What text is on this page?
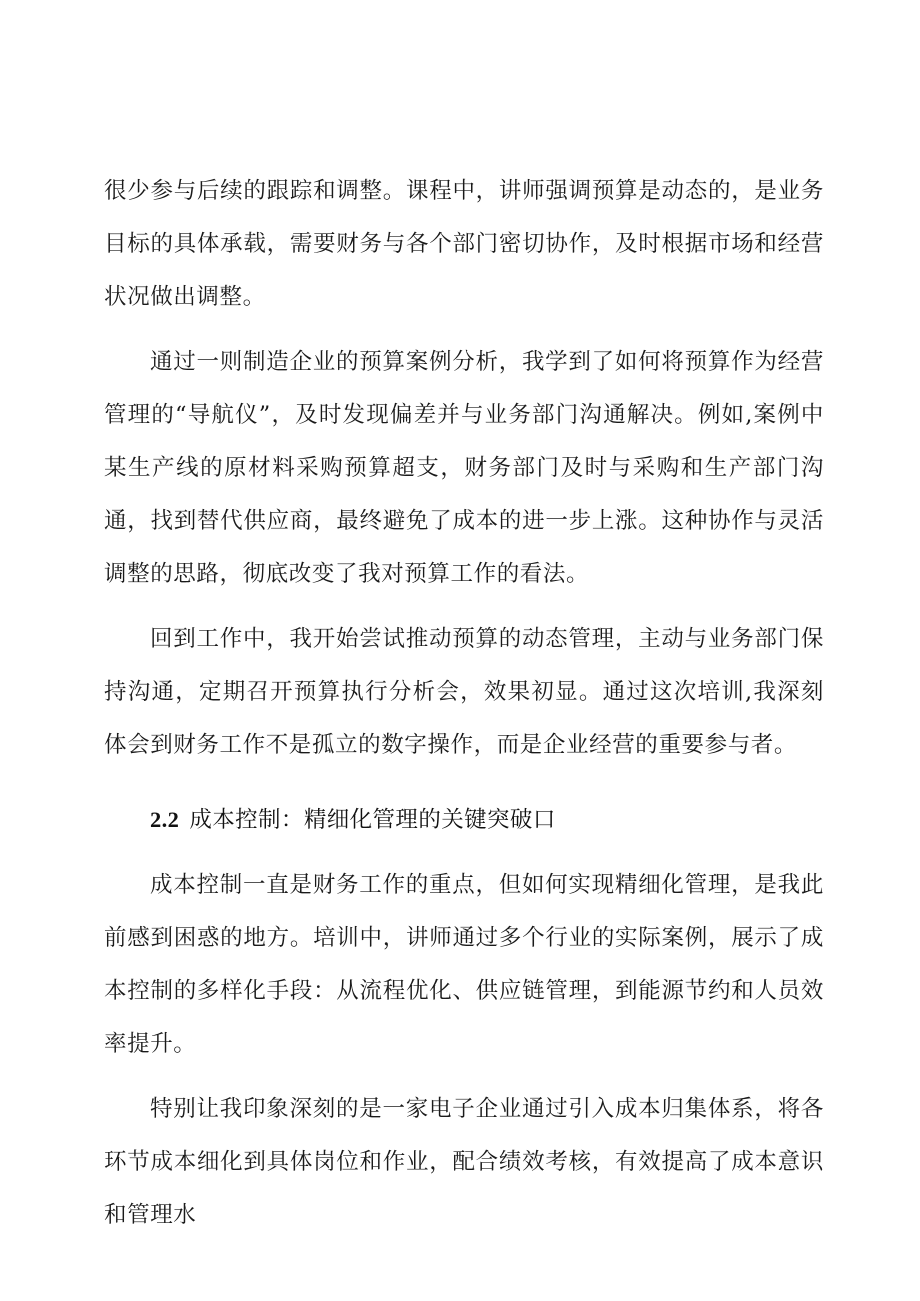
很少参与后续的跟踪和调整。课程中，讲师强调预算是动态的，是业务目标的具体承载，需要财务与各个部门密切协作，及时根据市场和经营状况做出调整。

通过一则制造企业的预算案例分析，我学到了如何将预算作为经营管理的“导航仪”，及时发现偏差并与业务部门沟通解决。例如,案例中某生产线的原材料采购预算超支，财务部门及时与采购和生产部门沟通，找到替代供应商，最终避免了成本的进一步上涨。这种协作与灵活调整的思路，彻底改变了我对预算工作的看法。

回到工作中，我开始尝试推动预算的动态管理，主动与业务部门保持沟通，定期召开预算执行分析会，效果初显。通过这次培训,我深刻体会到财务工作不是孤立的数字操作，而是企业经营的重要参与者。

2.2 成本控制：精细化管理的关键突破口

成本控制一直是财务工作的重点，但如何实现精细化管理，是我此前感到困惑的地方。培训中，讲师通过多个行业的实际案例，展示了成本控制的多样化手段：从流程优化、供应链管理，到能源节约和人员效率提升。

特别让我印象深刻的是一家电子企业通过引入成本归集体系，将各环节成本细化到具体岗位和作业，配合绩效考核，有效提高了成本意识和管理水
